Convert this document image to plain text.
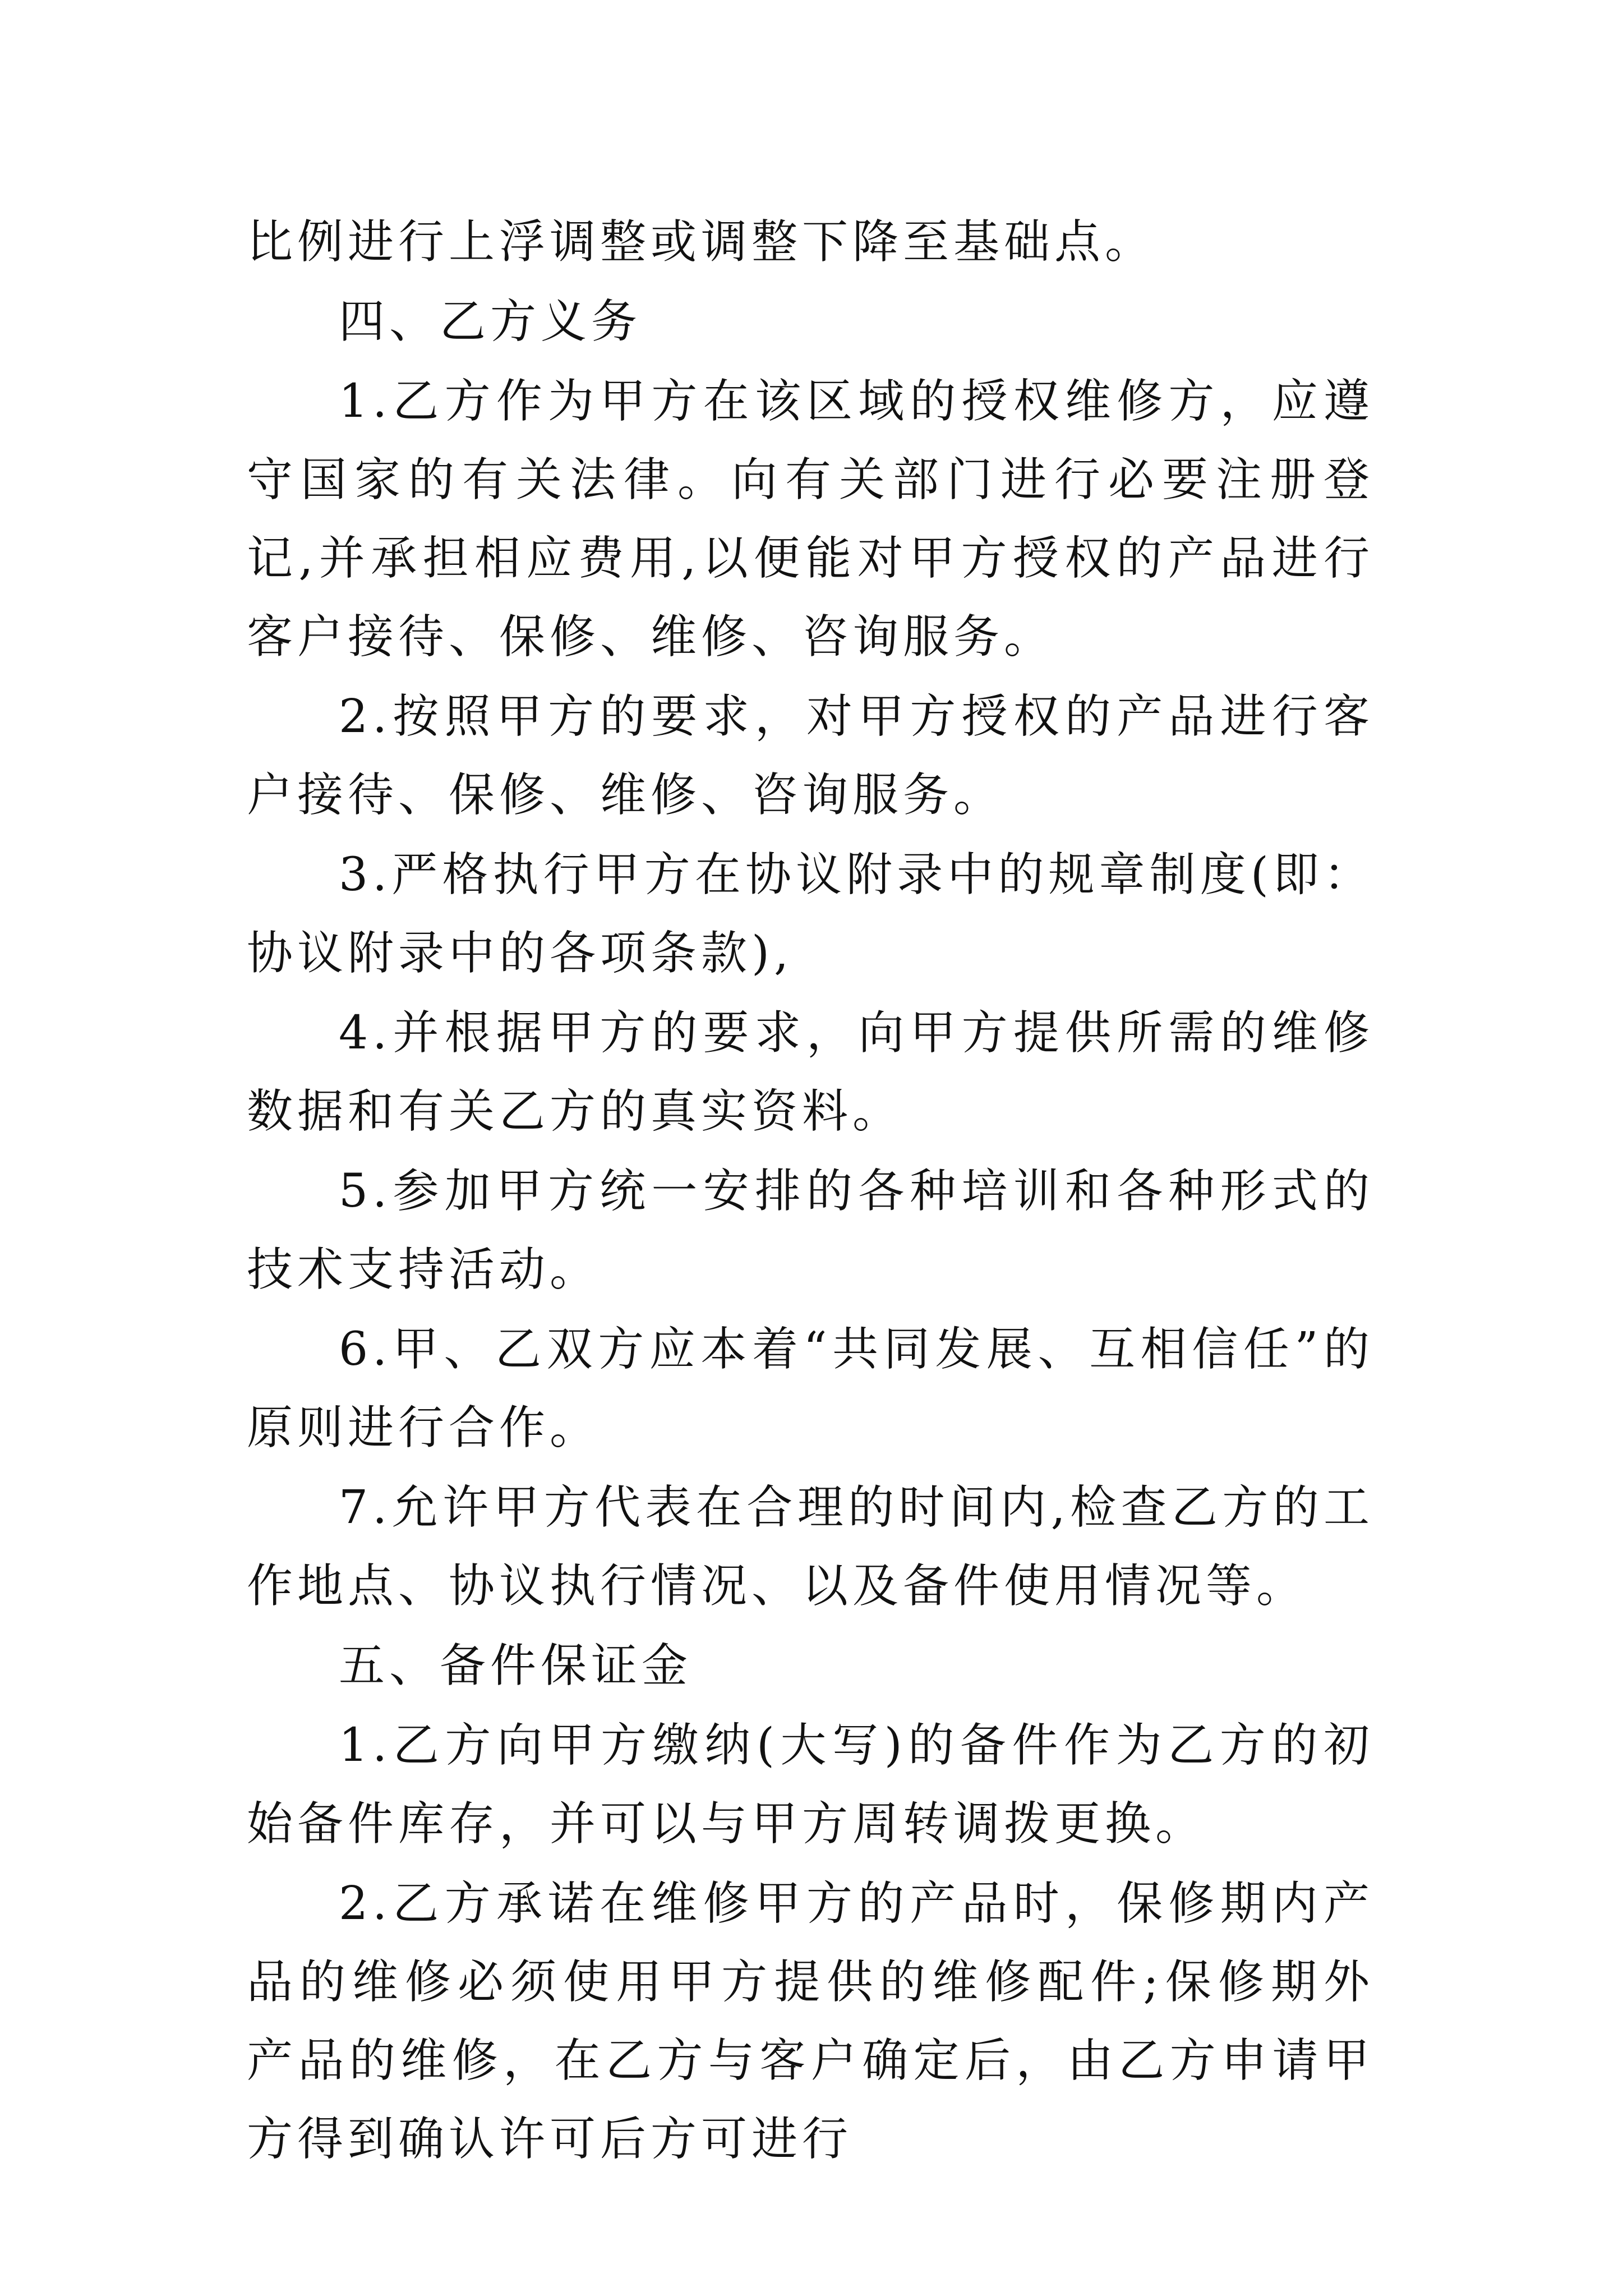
比例进行上浮调整或调整下降至基础点。

四、乙方义务

1.乙方作为甲方在该区域的授权维修方，应遵守国家的有关法律。向有关部门进行必要注册登记,并承担相应费用,以便能对甲方授权的产品进行客户接待、保修、维修、咨询服务。

2.按照甲方的要求，对甲方授权的产品进行客户接待、保修、维修、咨询服务。

3.严格执行甲方在协议附录中的规章制度(即：协议附录中的各项条款),

4.并根据甲方的要求，向甲方提供所需的维修数据和有关乙方的真实资料。

5.参加甲方统一安排的各种培训和各种形式的技术支持活动。

6.甲、乙双方应本着“共同发展、互相信任”的原则进行合作。

7.允许甲方代表在合理的时间内,检查乙方的工作地点、协议执行情况、以及备件使用情况等。

五、备件保证金

1.乙方向甲方缴纳(大写)的备件作为乙方的初始备件库存，并可以与甲方周转调拨更换。

2.乙方承诺在维修甲方的产品时，保修期内产品的维修必须使用甲方提供的维修配件;保修期外产品的维修，在乙方与客户确定后，由乙方申请甲方得到确认许可后方可进行
